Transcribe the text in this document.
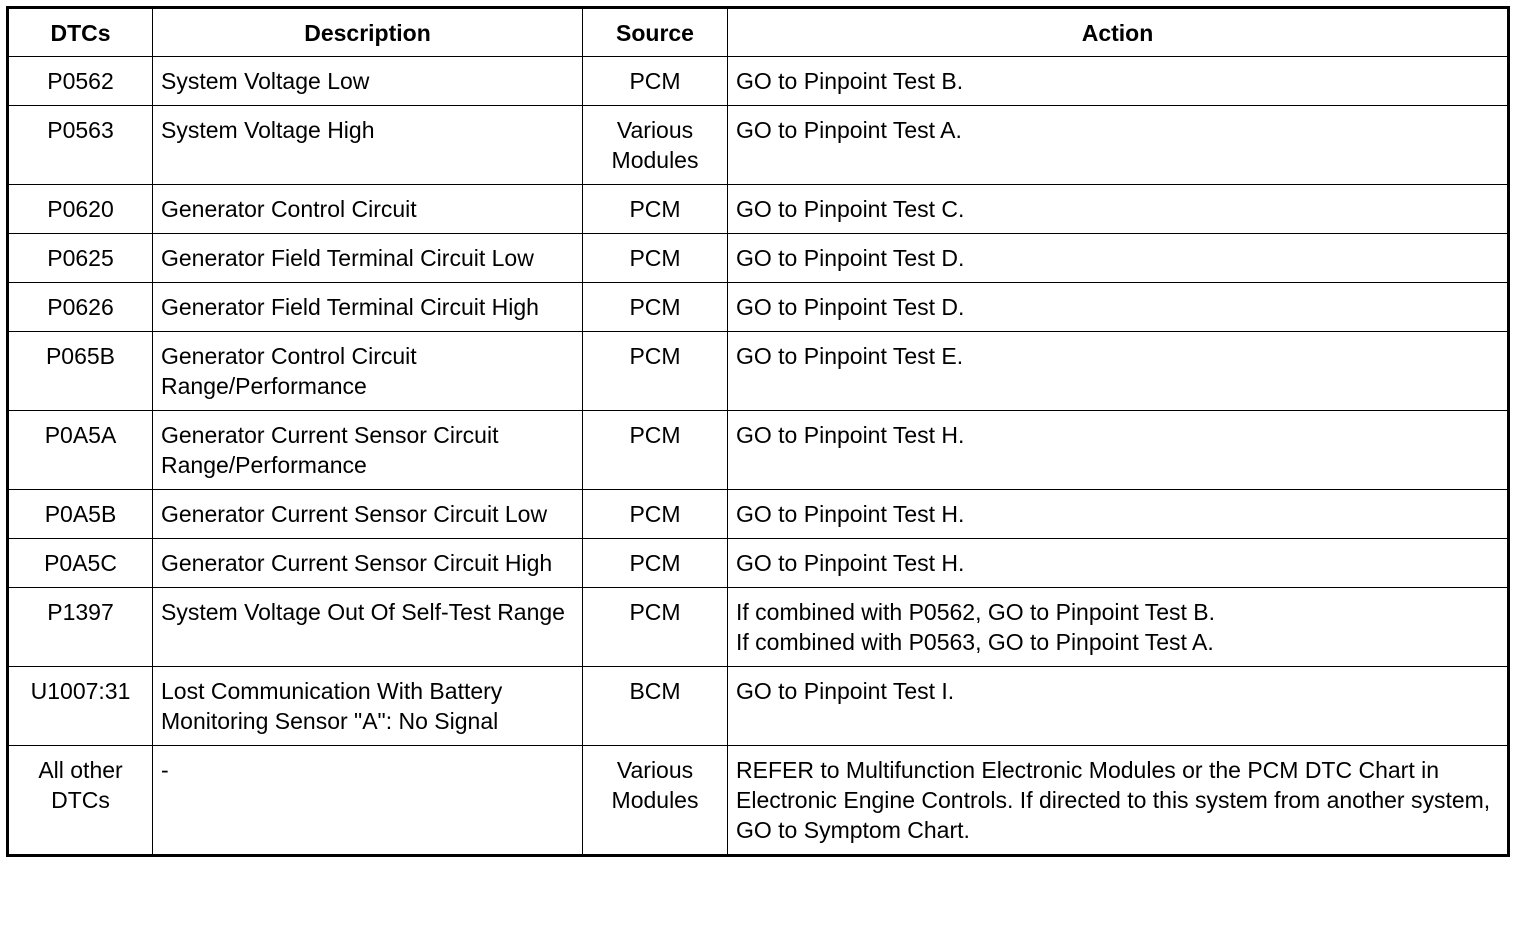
DTCs	Description	Source	Action
P0562	System Voltage Low	PCM	GO to Pinpoint Test B.
P0563	System Voltage High	Various Modules	GO to Pinpoint Test A.
P0620	Generator Control Circuit	PCM	GO to Pinpoint Test C.
P0625	Generator Field Terminal Circuit Low	PCM	GO to Pinpoint Test D.
P0626	Generator Field Terminal Circuit High	PCM	GO to Pinpoint Test D.
P065B	Generator Control Circuit Range/Performance	PCM	GO to Pinpoint Test E.
P0A5A	Generator Current Sensor Circuit Range/Performance	PCM	GO to Pinpoint Test H.
P0A5B	Generator Current Sensor Circuit Low	PCM	GO to Pinpoint Test H.
P0A5C	Generator Current Sensor Circuit High	PCM	GO to Pinpoint Test H.
P1397	System Voltage Out Of Self-Test Range	PCM	If combined with P0562, GO to Pinpoint Test B.
If combined with P0563, GO to Pinpoint Test A.

U1007:31	Lost Communication With Battery Monitoring Sensor "A": No Signal	BCM	GO to Pinpoint Test I.
All other DTCs	-	Various Modules	REFER to Multifunction Electronic Modules or the PCM DTC Chart in Electronic Engine Controls. If directed to this system from another system, GO to Symptom Chart.
